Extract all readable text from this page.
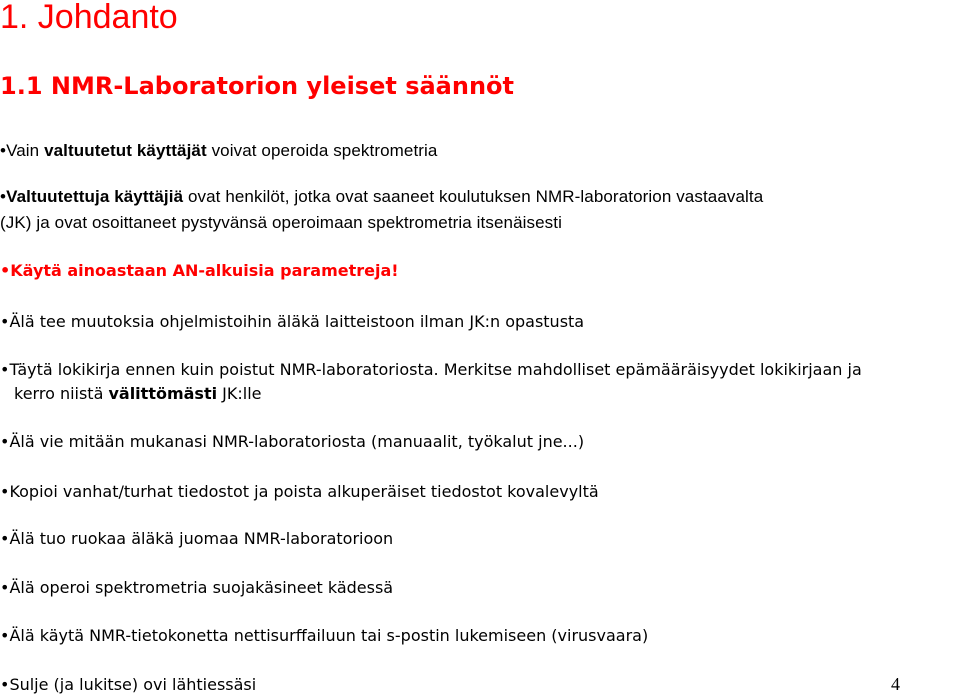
1. Johdanto
1.1 NMR-Laboratorion yleiset säännöt
•Vain valtuutetut käyttäjät voivat operoida spektrometria
•Valtuutettuja käyttäjiä ovat henkilöt, jotka ovat saaneet koulutuksen NMR-laboratorion vastaavalta
(JK) ja ovat osoittaneet pystyvänsä operoimaan spektrometria itsenäisesti
•Käytä ainoastaan AN-alkuisia parametreja!
•Älä tee muutoksia ohjelmistoihin äläkä laitteistoon ilman JK:n opastusta
•Täytä lokikirja ennen kuin poistut NMR-laboratoriosta. Merkitse mahdolliset epämääräisyydet lokikirjaan ja
kerro niistä välittömästi JK:lle
•Älä vie mitään mukanasi NMR-laboratoriosta (manuaalit, työkalut jne...)
•Kopioi vanhat/turhat tiedostot ja poista alkuperäiset tiedostot kovalevyltä
•Älä tuo ruokaa äläkä juomaa NMR-laboratorioon
•Älä operoi spektrometria suojakäsineet kädessä
•Älä käytä NMR-tietokonetta nettisurffailuun tai s-postin lukemiseen (virusvaara)
•Sulje (ja lukitse) ovi lähtiessäsi	4
